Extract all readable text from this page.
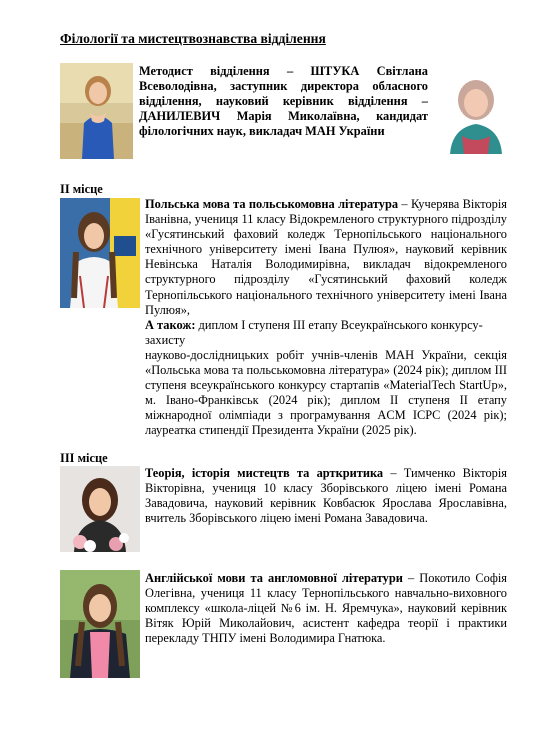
Філології та мистецтвознавства відділення
Методист відділення – ШТУКА Світлана Всеволодівна, заступник директора обласного відділення, науковий керівник відділення – ДАНИЛЕВИЧ Марія Миколаївна, кандидат філологічних наук, викладач МАН України
II місце

Польська мова та польськомовна література – Кучерява Вікторія Іванівна, учениця 11 класу Відокремленого структурного підрозділу «Гусятинський фаховий коледж Тернопільського національного технічного університету імені Івана Пулюя», науковий керівник Невінська Наталія Володимирівна, викладач відокремленого структурного підрозділу «Гусятинський фаховий коледж Тернопільського національного технічного університету імені Івана Пулюя»,

А також: диплом І ступеня ІІІ етапу Всеукраїнського конкурсу-захисту

науково-дослідницьких робіт учнів-членів МАН України, секція «Польська мова та польськомовна література» (2024 рік); диплом ІІІ ступеня всеукраїнського конкурсу стартапів «MaterialTech StartUp», м. Івано-Франківськ (2024 рік); диплом ІІ ступеня II етапу міжнародної олімпіади з програмування ACM ICPC (2024 рік); лауреатка стипендії Президента України (2025 рік).

III місце
Теорія, історія мистецтв та арткритика – Тимченко Вікторія Вікторівна, учениця 10 класу Зборівського ліцею імені Романа Завадовича, науковий керівник Ковбасюк Ярослава Ярославівна, вчитель Зборівського ліцею імені Романа Завадовича.
Англійської мови та англомовної літератури – Покотило Софія Олегівна, учениця 11 класу Тернопільського навчально-виховного комплексу «школа-ліцей №6 ім. Н. Яремчука», науковий керівник Вітяк Юрій Миколайович, асистент кафедра теорії і практики перекладу ТНПУ імені Володимира Гнатюка.
